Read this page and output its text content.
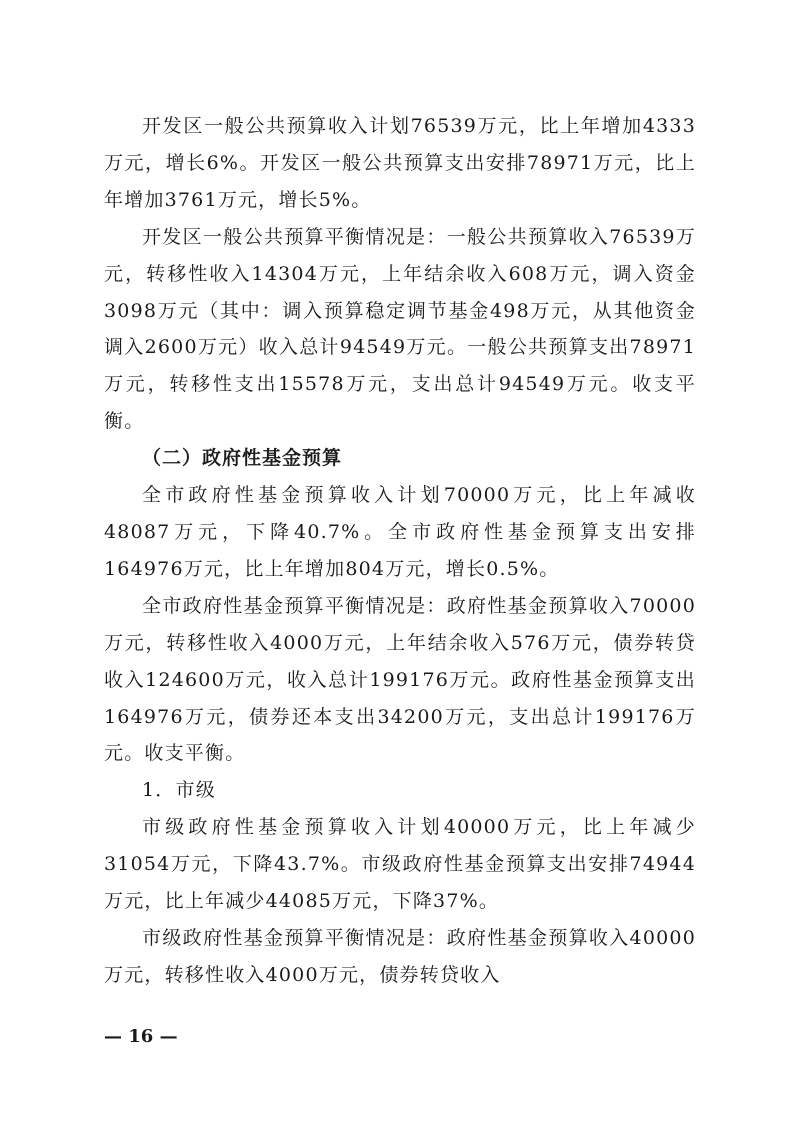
开发区一般公共预算收入计划76539万元，比上年增加4333万元，增长6%。开发区一般公共预算支出安排78971万元，比上年增加3761万元，增长5%。

开发区一般公共预算平衡情况是：一般公共预算收入76539万元，转移性收入14304万元，上年结余收入608万元，调入资金3098万元（其中：调入预算稳定调节基金498万元，从其他资金调入2600万元）收入总计94549万元。一般公共预算支出78971万元，转移性支出15578万元，支出总计94549万元。收支平衡。

（二）政府性基金预算

全市政府性基金预算收入计划70000万元，比上年减收48087万元，下降40.7%。全市政府性基金预算支出安排164976万元，比上年增加804万元，增长0.5%。

全市政府性基金预算平衡情况是：政府性基金预算收入70000万元，转移性收入4000万元，上年结余收入576万元，债券转贷收入124600万元，收入总计199176万元。政府性基金预算支出164976万元，债券还本支出34200万元，支出总计199176万元。收支平衡。

1．市级

市级政府性基金预算收入计划40000万元，比上年减少31054万元，下降43.7%。市级政府性基金预算支出安排74944万元，比上年减少44085万元，下降37%。

市级政府性基金预算平衡情况是：政府性基金预算收入40000万元，转移性收入4000万元，债券转贷收入

— 16 —
